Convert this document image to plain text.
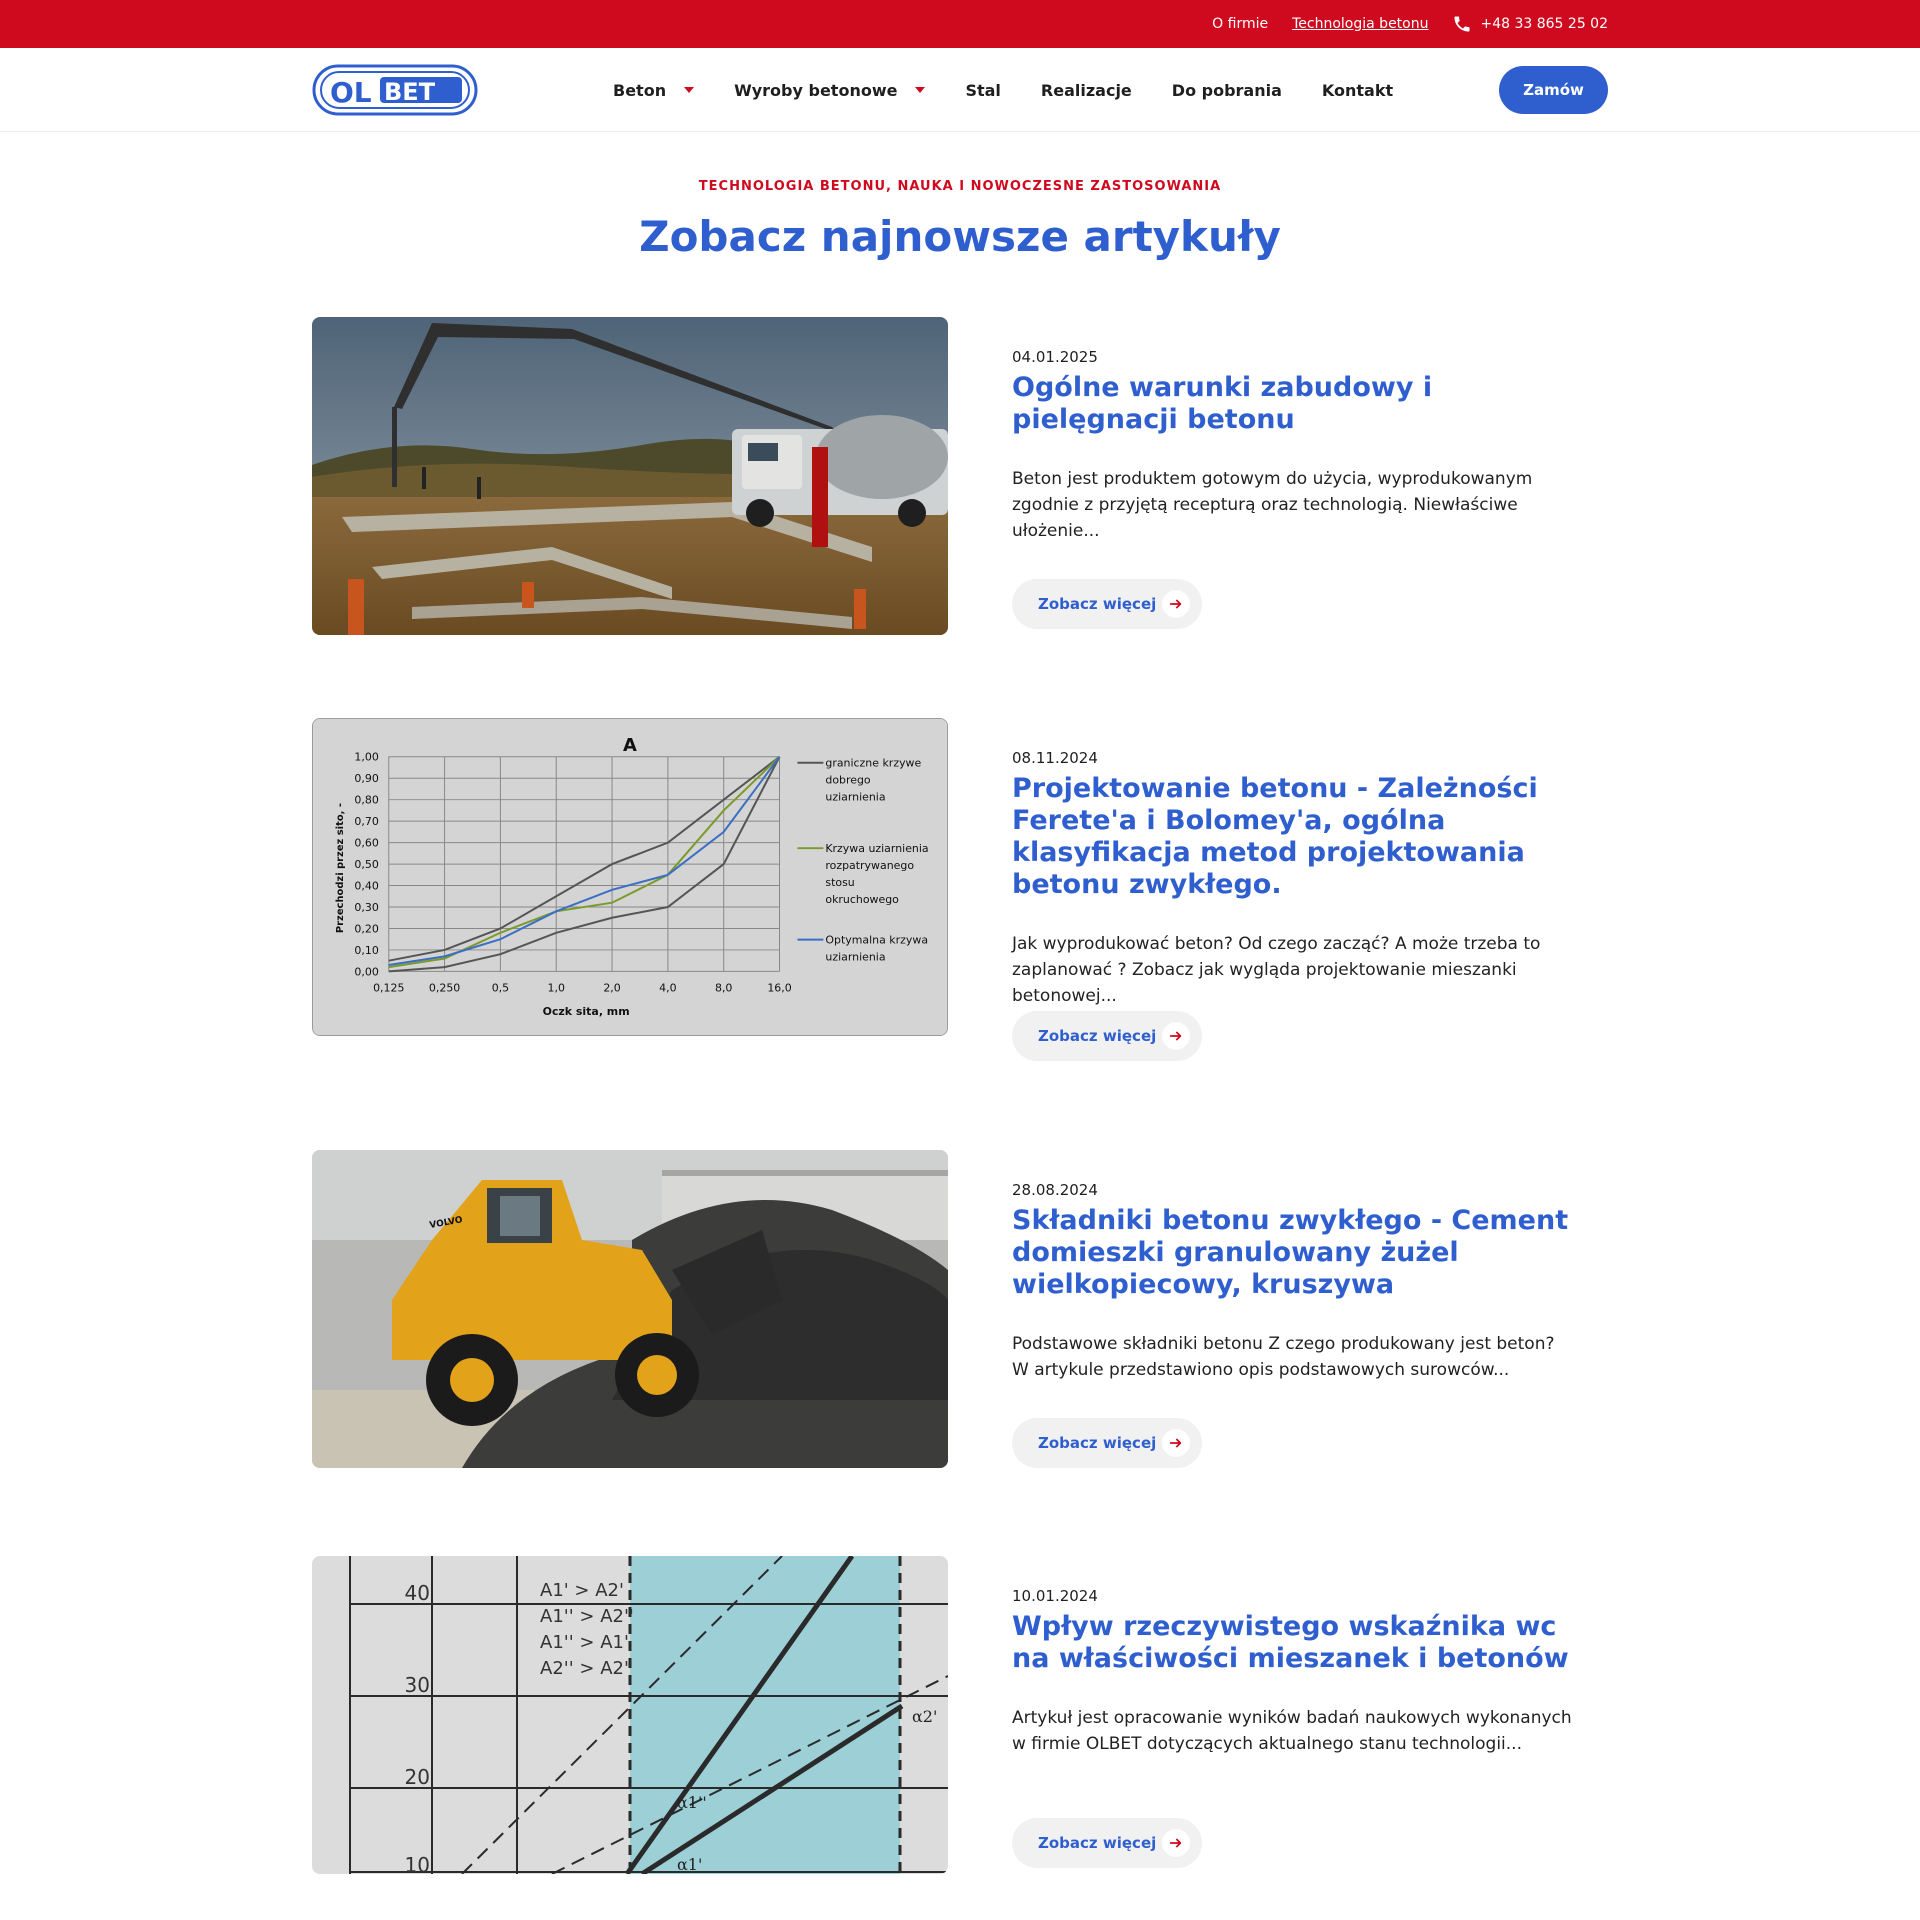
O firmie Technologia betonu	+48 33 865 25 02
OL BET	Beton	Wyroby betonowe	Stal	Realizacje	Do pobrania	Kontakt	Zamów
TECHNOLOGIA BETONU, NAUKA I NOWOCZESNE ZASTOSOWANIA
Zobacz najnowsze artykuły
04.01.2025
Ogólne warunki zabudowy i pielęgnacji betonu

Beton jest produktem gotowym do użycia, wyprodukowanym zgodnie z przyjętą recepturą oraz technologią. Niewłaściwe ułożenie...

Zobacz więcej
A
Przechodzi przez sito, -
Oczk sita, mm
1,00
0,90
0,80
0,70
0,60
0,50
0,40
0,30
0,20
0,10
0,00
0,125 0,250	0,5	1,0	2,0	4,0	8,0	16,0
graniczne krzywe
dobrego
uziarnienia
Krzywa uziarnienia
rozpatrywanego
stosu
okruchowego
Optymalna krzywa
uziarnienia
08.11.2024
Projektowanie betonu - Zależności Ferete'a i Bolomey'a, ogólna klasyfikacja metod projektowania betonu zwykłego.

Jak wyprodukować beton? Od czego zacząć? A może trzeba to zaplanować ? Zobacz jak wygląda projektowanie mieszanki betonowej...

Zobacz więcej
VOLVO
28.08.2024
Składniki betonu zwykłego - Cement domieszki granulowany żużel wielkopiecowy, kruszywa

Podstawowe składniki betonu Z czego produkowany jest beton? W artykule przedstawiono opis podstawowych surowców...

Zobacz więcej
40
30
20
10
A1' > A2'
A1'' > A2''
A1'' > A1'
A2'' > A2'
α2'
α1''
α1'
10.01.2024
Wpływ rzeczywistego wskaźnika wc na właściwości mieszanek i betonów

Artykuł jest opracowanie wyników badań naukowych wykonanych w firmie OLBET dotyczących aktualnego stanu technologii...

Zobacz więcej
